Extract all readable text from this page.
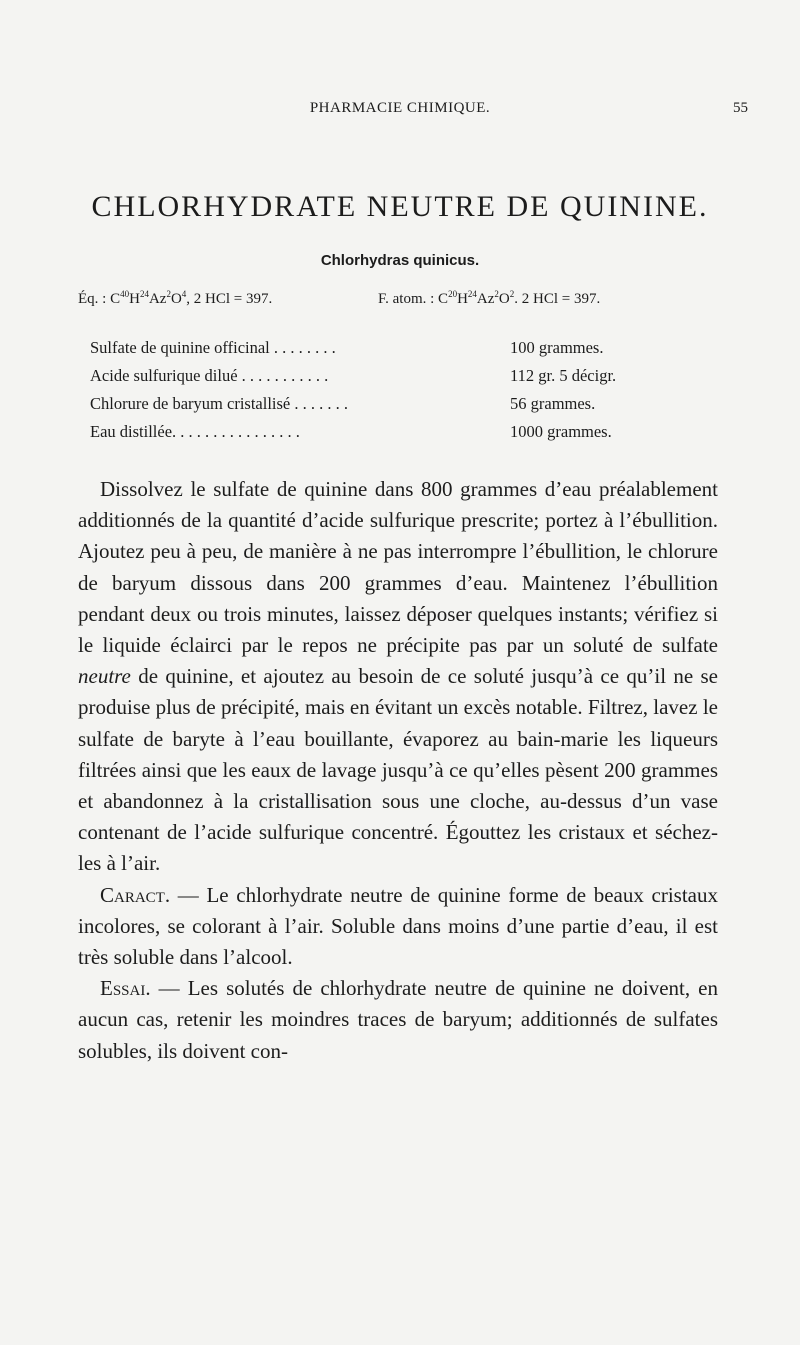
PHARMACIE CHIMIQUE.	55
CHLORHYDRATE NEUTRE DE QUININE.
Chlorhydras quinicus.
Éq. : $C^{40}H^{24}Az^2O^4$, 2 HCl = 397.	F. atom. : $C^{20}H^{24}Az^2O^2$. 2 HCl = 397.
Sulfate de quinine officinal . . . . . . . .	100 grammes.
Acide sulfurique dilué . . . . . . . . . . .	112 gr. 5 décigr.
Chlorure de baryum cristallisé . . . . . . .	56 grammes.
Eau distillée. . . . . . . . . . . . . . . .	1000 grammes.

Dissolvez le sulfate de quinine dans 800 grammes d’eau préalablement additionnés de la quantité d’acide sulfurique prescrite; portez à l’ébullition. Ajoutez peu à peu, de manière à ne pas interrompre l’ébullition, le chlorure de baryum dissous dans 200 grammes d’eau. Maintenez l’ébullition pendant deux ou trois minutes, laissez déposer quelques instants; vérifiez si le liquide éclairci par le repos ne précipite pas par un soluté de sulfate neutre de quinine, et ajoutez au besoin de ce soluté jusqu’à ce qu’il ne se produise plus de précipité, mais en évitant un excès notable. Filtrez, lavez le sulfate de baryte à l’eau bouillante, évaporez au bain-marie les liqueurs filtrées ainsi que les eaux de lavage jusqu’à ce qu’elles pèsent 200 grammes et abandonnez à la cristallisation sous une cloche, au-dessus d’un vase contenant de l’acide sulfurique concentré. Égouttez les cristaux et séchez-les à l’air.

Caract. — Le chlorhydrate neutre de quinine forme de beaux cristaux incolores, se colorant à l’air. Soluble dans moins d’une partie d’eau, il est très soluble dans l’alcool.

Essai. — Les solutés de chlorhydrate neutre de quinine ne doivent, en aucun cas, retenir les moindres traces de baryum; additionnés de sulfates solubles, ils doivent con-
